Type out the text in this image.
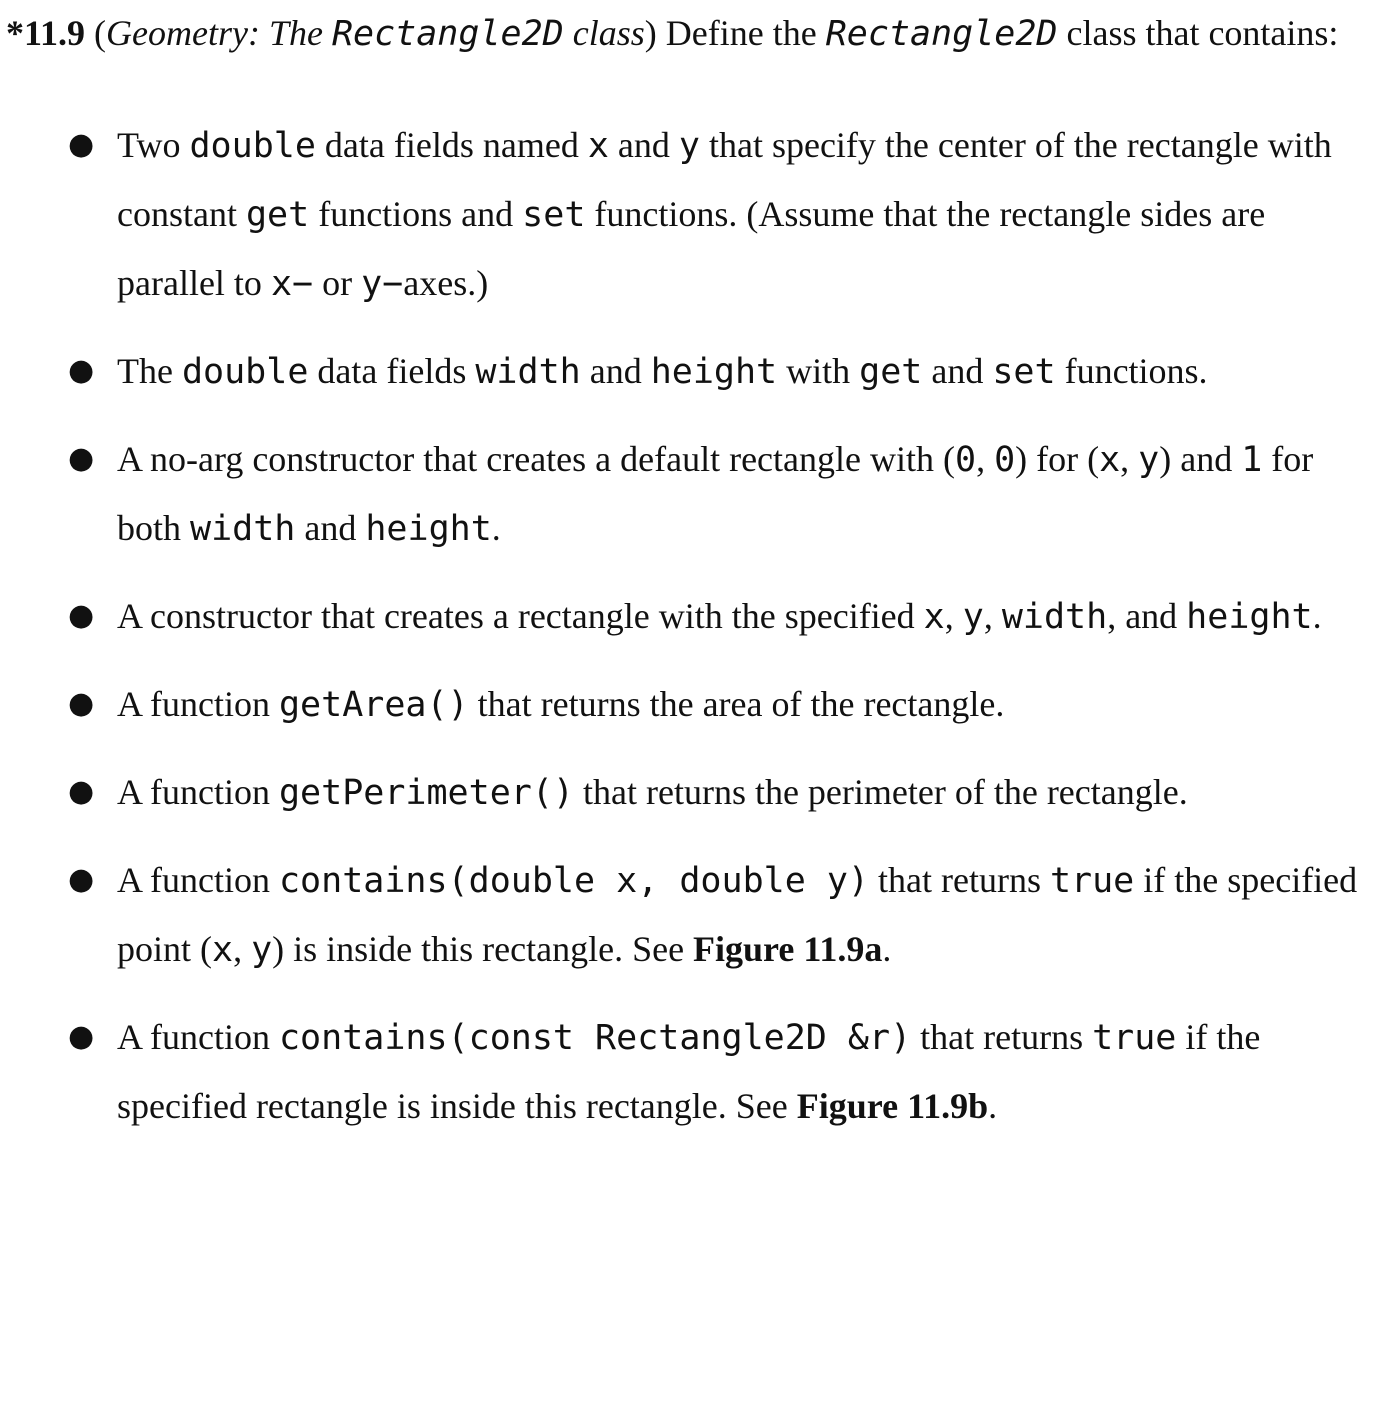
*11.9 (Geometry: The Rectangle2D class) Define the Rectangle2D class that contains:

● Two double data fields named x and y that specify the center of the rectangle with constant get functions and set functions. (Assume that the rectangle sides are parallel to x− or y−axes.)
● The double data fields width and height with get and set functions.
● A no-arg constructor that creates a default rectangle with (0, 0) for (x, y) and 1 for both width and height.
● A constructor that creates a rectangle with the specified x, y, width, and height.
● A function getArea() that returns the area of the rectangle.
● A function getPerimeter() that returns the perimeter of the rectangle.
● A function contains(double x, double y) that returns true if the specified point (x, y) is inside this rectangle. See Figure 11.9a.
● A function contains(const Rectangle2D &r) that returns true if the specified rectangle is inside this rectangle. See Figure 11.9b.
